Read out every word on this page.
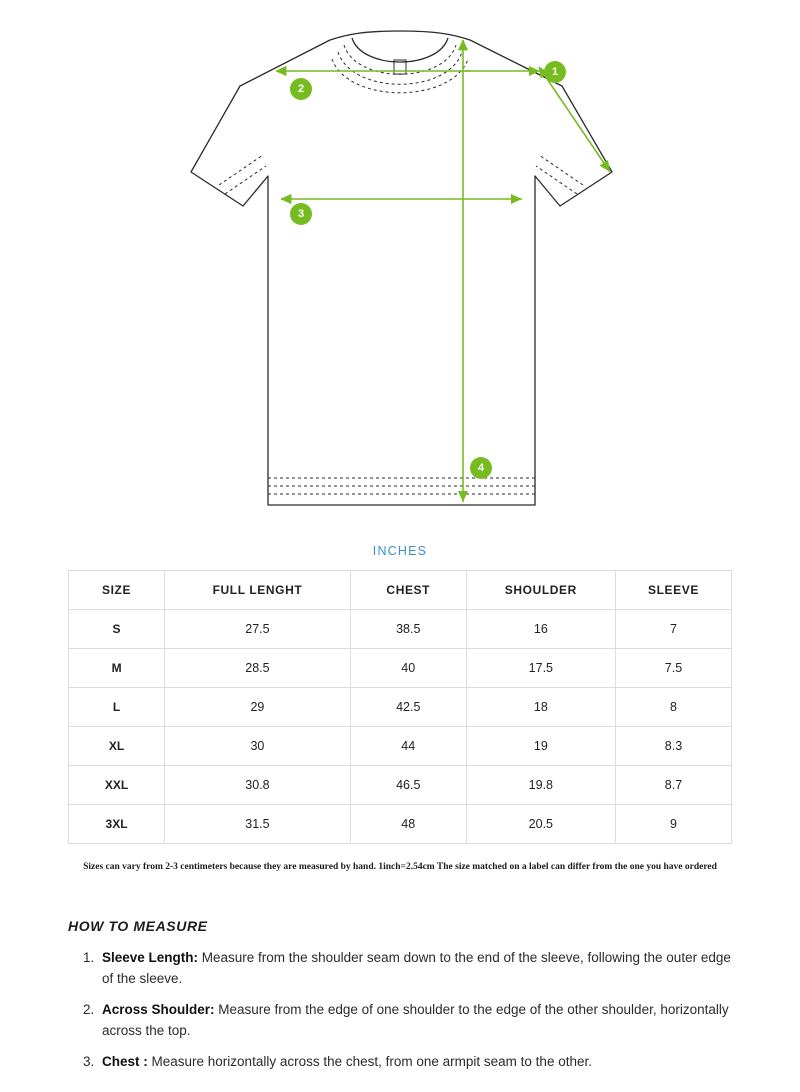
1
2
3
4
INCHES
SIZE	FULL LENGHT	CHEST	SHOULDER	SLEEVE
S	27.5	38.5	16	7
M	28.5	40	17.5	7.5
L	29	42.5	18	8
XL	30	44	19	8.3
XXL	30.8	46.5	19.8	8.7
3XL	31.5	48	20.5	9
Sizes can vary from 2-3 centimeters because they are measured by hand. 1inch=2.54cm The size matched on a label can differ from the one you have ordered
HOW TO MEASURE
1. Sleeve Length: Measure from the shoulder seam down to the end of the sleeve, following the outer edge of the sleeve.
2. Across Shoulder: Measure from the edge of one shoulder to the edge of the other shoulder, horizontally across the top.
3. Chest : Measure horizontally across the chest, from one armpit seam to the other.
